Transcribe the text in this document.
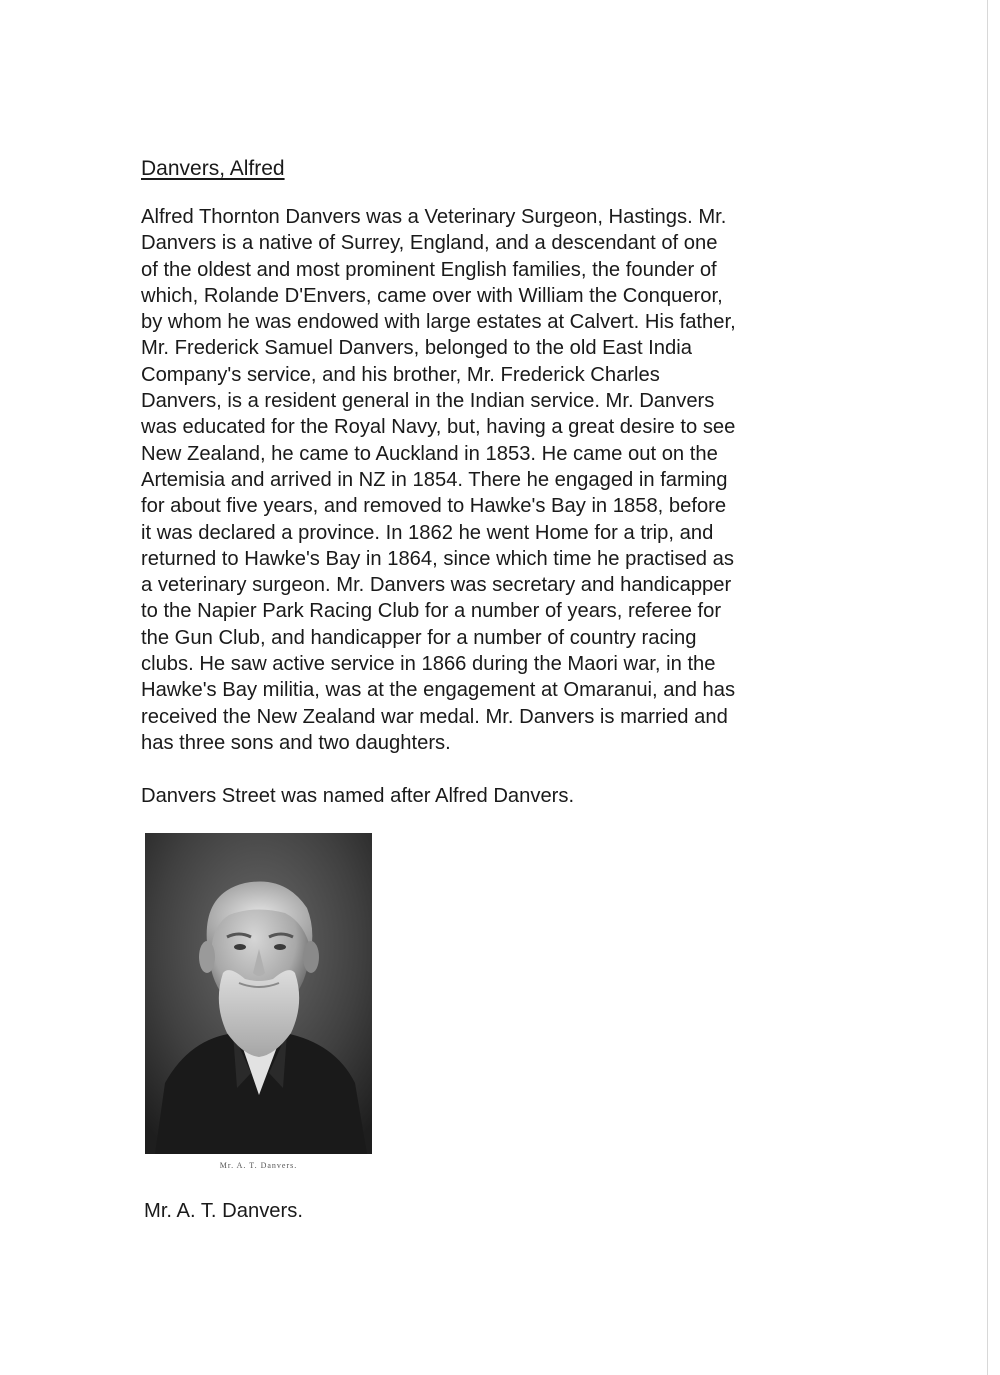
Danvers, Alfred

Alfred Thornton Danvers was a Veterinary Surgeon, Hastings. Mr.
Danvers is a native of Surrey, England, and a descendant of one
of the oldest and most prominent English families, the founder of
which, Rolande D'Envers, came over with William the Conqueror,
by whom he was endowed with large estates at Calvert. His father,
Mr. Frederick Samuel Danvers, belonged to the old East India
Company's service, and his brother, Mr. Frederick Charles
Danvers, is a resident general in the Indian service. Mr. Danvers
was educated for the Royal Navy, but, having a great desire to see
New Zealand, he came to Auckland in 1853. He came out on the
Artemisia and arrived in NZ in 1854. There he engaged in farming
for about five years, and removed to Hawke's Bay in 1858, before
it was declared a province. In 1862 he went Home for a trip, and
returned to Hawke's Bay in 1864, since which time he practised as
a veterinary surgeon. Mr. Danvers was secretary and handicapper
to the Napier Park Racing Club for a number of years, referee for
the Gun Club, and handicapper for a number of country racing
clubs. He saw active service in 1866 during the Maori war, in the
Hawke's Bay militia, was at the engagement at Omaranui, and has
received the New Zealand war medal. Mr. Danvers is married and
has three sons and two daughters.

Danvers Street was named after Alfred Danvers.

Mr. A. T. Danvers.

Mr. A. T. Danvers.
